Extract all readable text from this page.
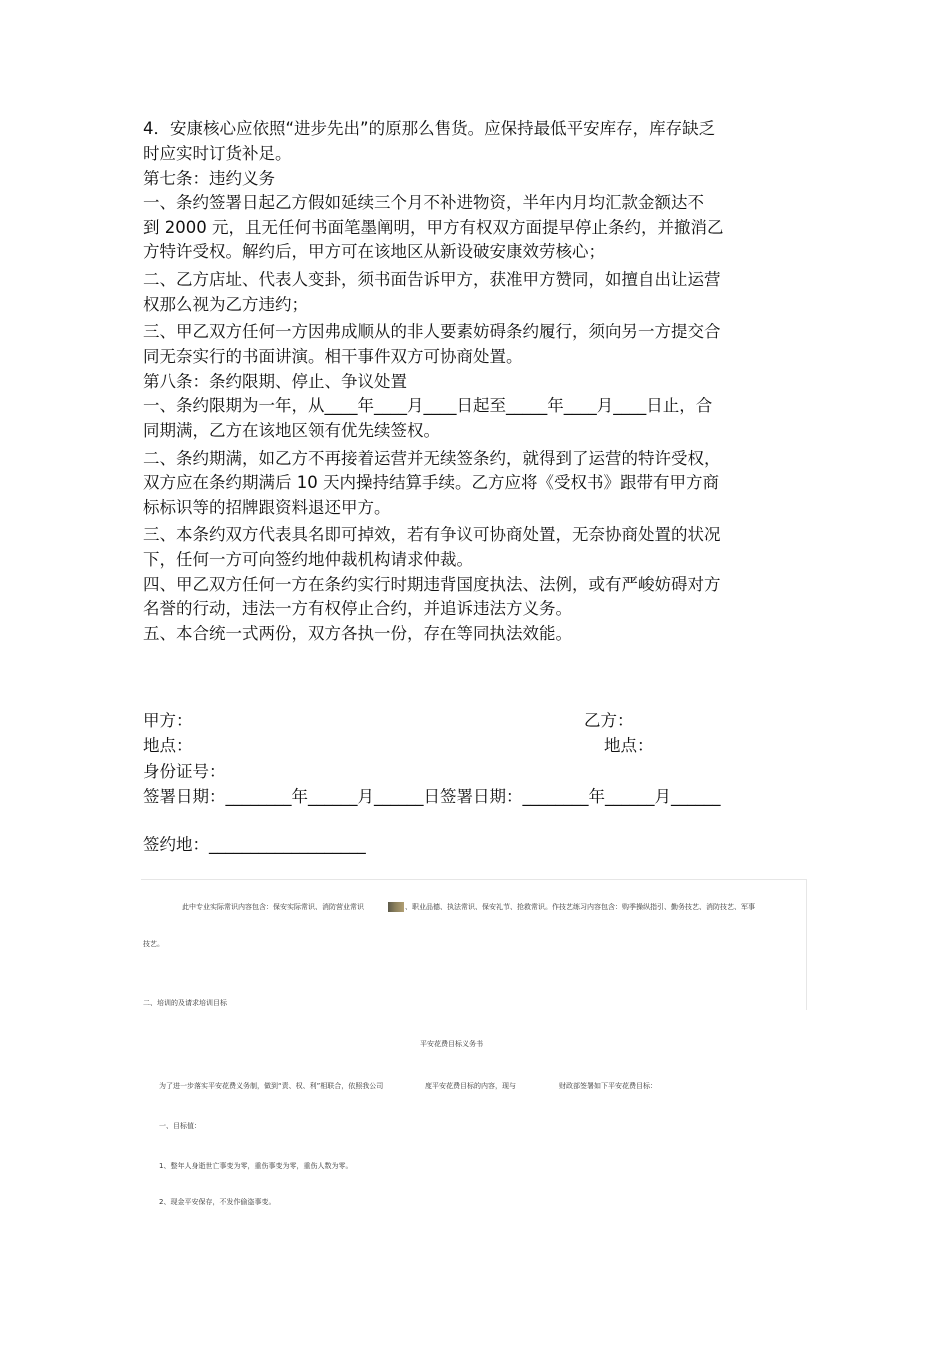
4．安康核心应依照“进步先出”的原那么售货。应保持最低平安库存，库存缺乏

时应实时订货补足。

第七条：违约义务

一、条约签署日起乙方假如延续三个月不补进物资，半年内月均汇款金额达不

到 2000 元，且无任何书面笔墨阐明，甲方有权双方面提早停止条约，并撤消乙

方特许受权。解约后，甲方可在该地区从新设破安康效劳核心；

二、乙方店址、代表人变卦，须书面告诉甲方，获准甲方赞同，如擅自出让运营

权那么视为乙方违约；

三、甲乙双方任何一方因弗成顺从的非人要素妨碍条约履行，须向另一方提交合

同无奈实行的书面讲演。相干事件双方可协商处置。

第八条：条约限期、停止、争议处置

一、条约限期为一年，从____年____月____日起至_____年____月____日止，合

同期满，乙方在该地区领有优先续签权。

二、条约期满，如乙方不再接着运营并无续签条约，就得到了运营的特许受权，

双方应在条约期满后 10 天内操持结算手续。乙方应将《受权书》跟带有甲方商

标标识等的招牌跟资料退还甲方。

三、本条约双方代表具名即可掉效，若有争议可协商处置，无奈协商处置的状况

下，任何一方可向签约地仲裁机构请求仲裁。

四、甲乙双方任何一方在条约实行时期违背国度执法、法例，或有严峻妨碍对方

名誉的行动，违法一方有权停止合约，并追诉违法方义务。

五、本合统一式两份，双方各执一份，存在等同执法效能。

甲方：	乙方：
地点：	地点：
身份证号：
签署日期：________年______月______日签署日期：________年______月______
签约地：___________________
此中专业实际常识内容包含：保安实际常识、消防营业常识	、职业品德、执法常识、保安礼节、抢救常识。作技艺练习内容包含：购季操纵指引、勤务技艺、消防技艺、军事
技艺。
二、培训的及请求培训目标
平安花费目标义务书
为了进一步落实平安花费义务制，做到“责、权、利”相联合，依照我公司	度平安花费目标的内容，现与	财政部签署如下平安花费目标：
一、目标值：
1、整年人身逝世亡事变为零，重伤事变为零，重伤人数为零。
2、现金平安保存，不发作偷盗事变。
